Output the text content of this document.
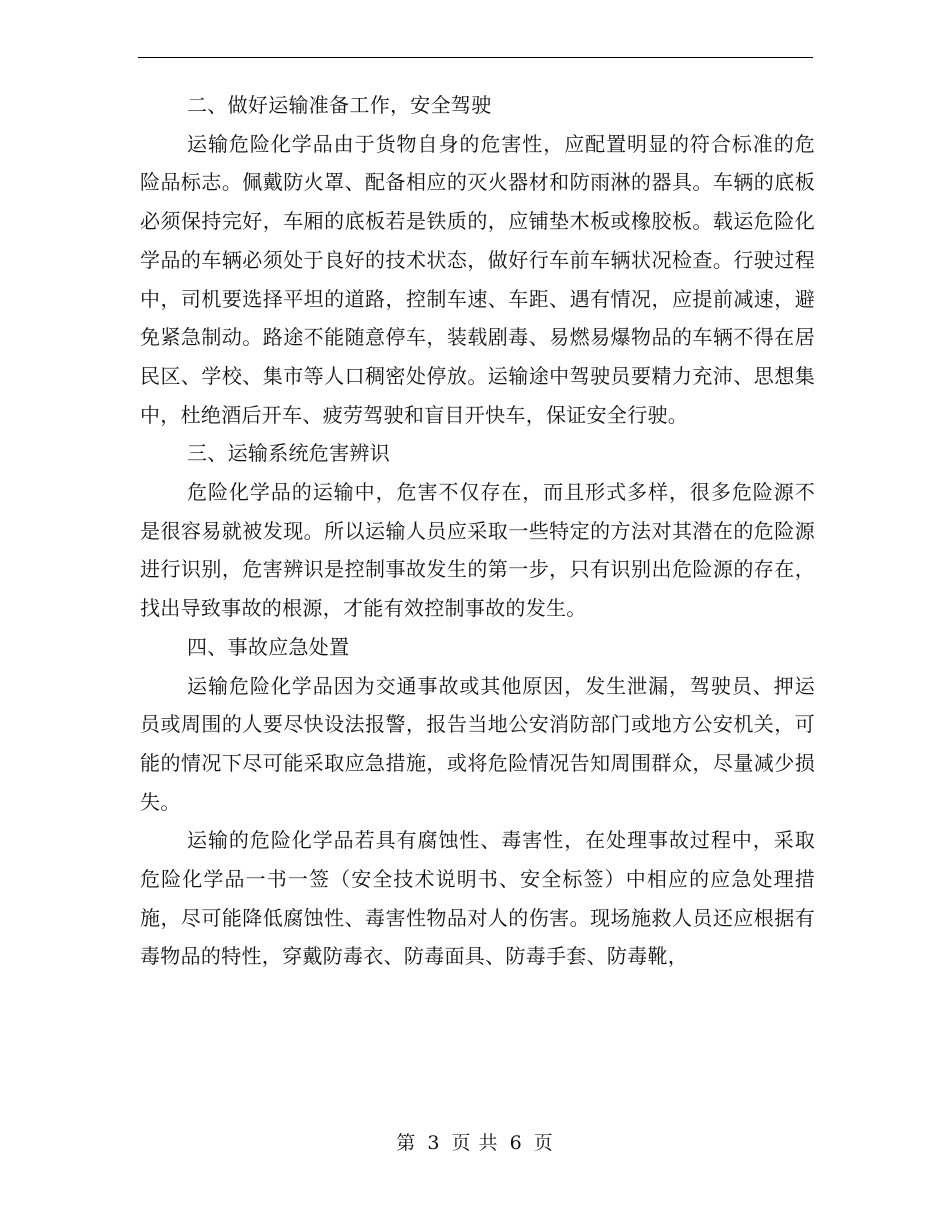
二、做好运输准备工作，安全驾驶

运输危险化学品由于货物自身的危害性，应配置明显的符合标准的危险品标志。佩戴防火罩、配备相应的灭火器材和防雨淋的器具。车辆的底板必须保持完好，车厢的底板若是铁质的，应铺垫木板或橡胶板。载运危险化学品的车辆必须处于良好的技术状态，做好行车前车辆状况检查。行驶过程中，司机要选择平坦的道路，控制车速、车距、遇有情况，应提前减速，避免紧急制动。路途不能随意停车，装载剧毒、易燃易爆物品的车辆不得在居民区、学校、集市等人口稠密处停放。运输途中驾驶员要精力充沛、思想集中，杜绝酒后开车、疲劳驾驶和盲目开快车，保证安全行驶。

三、运输系统危害辨识

危险化学品的运输中，危害不仅存在，而且形式多样，很多危险源不是很容易就被发现。所以运输人员应采取一些特定的方法对其潜在的危险源进行识别，危害辨识是控制事故发生的第一步，只有识别出危险源的存在，找出导致事故的根源，才能有效控制事故的发生。

四、事故应急处置

运输危险化学品因为交通事故或其他原因，发生泄漏，驾驶员、押运员或周围的人要尽快设法报警，报告当地公安消防部门或地方公安机关，可能的情况下尽可能采取应急措施，或将危险情况告知周围群众，尽量减少损失。

运输的危险化学品若具有腐蚀性、毒害性，在处理事故过程中，采取危险化学品一书一签（安全技术说明书、安全标签）中相应的应急处理措施，尽可能降低腐蚀性、毒害性物品对人的伤害。现场施救人员还应根据有毒物品的特性，穿戴防毒衣、防毒面具、防毒手套、防毒靴，

第 3 页 共 6 页
